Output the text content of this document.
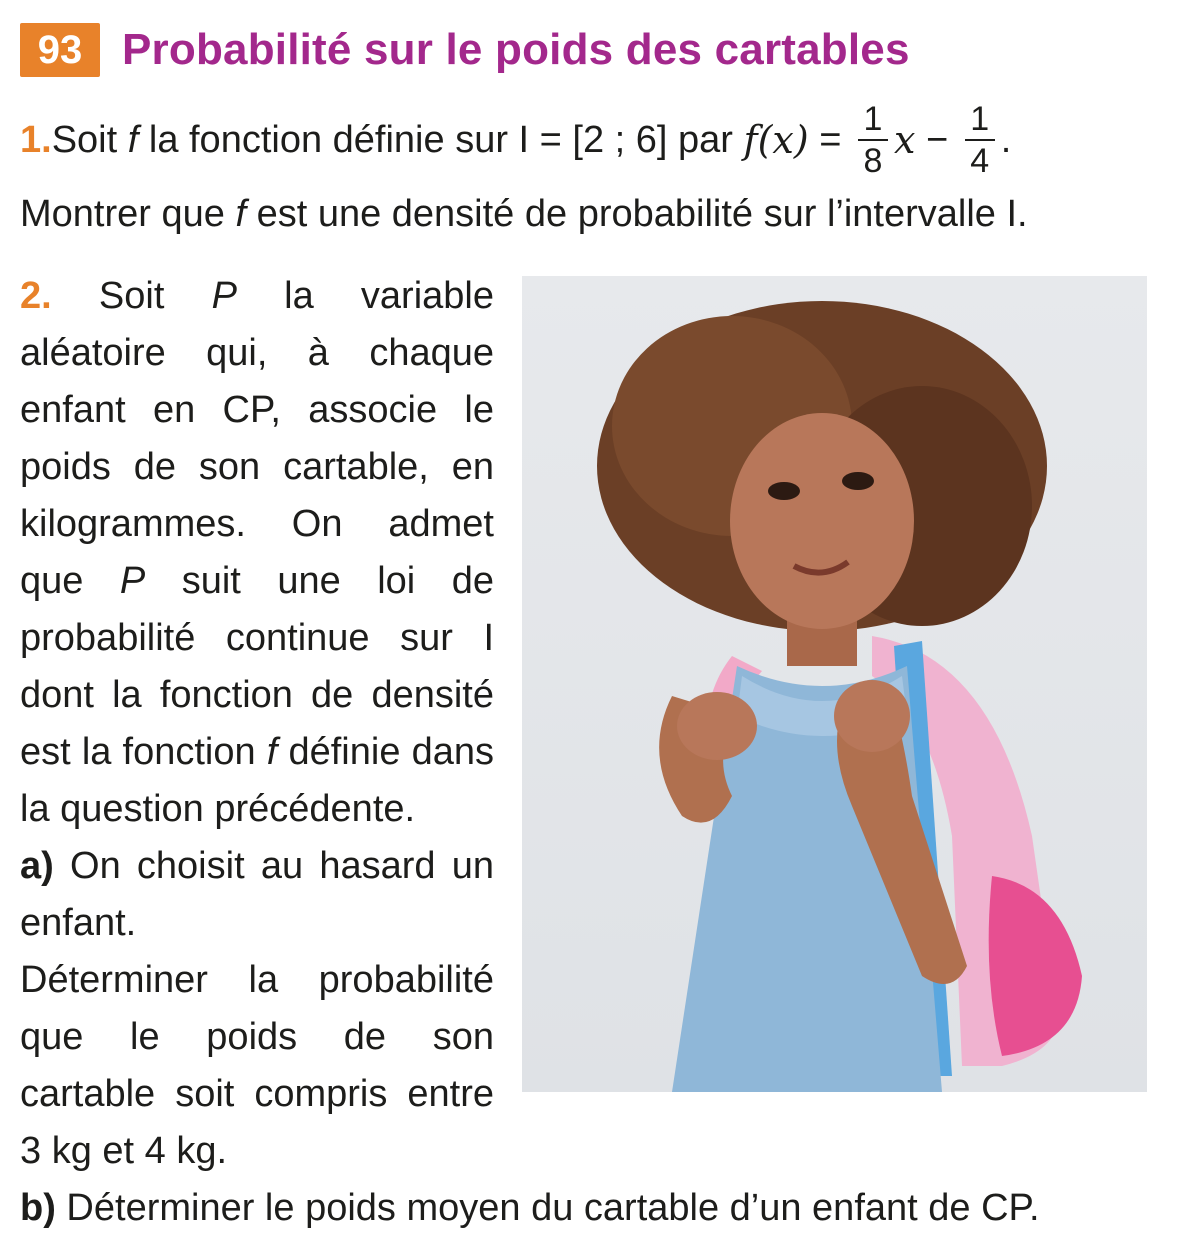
93 Probabilité sur le poids des cartables
1. Soit f la fonction définie sur I = [2 ; 6] par $f(x) = \frac{1}{8}$ $x - \frac{1}{4}$ .
Montrer que f est une densité de probabilité sur l’intervalle I.

2. Soit P la variable aléatoire qui, à chaque enfant en CP, associe le poids de son cartable, en kilogrammes. On admet que P suit une loi de probabilité continue sur I dont la fonction de densité est la fonction f définie dans la question précédente.

a) On choisit au hasard un enfant.

Déterminer la probabilité que le poids de son cartable soit compris entre 3 kg et 4 kg.

b) Déterminer le poids moyen du cartable d’un enfant de CP.
